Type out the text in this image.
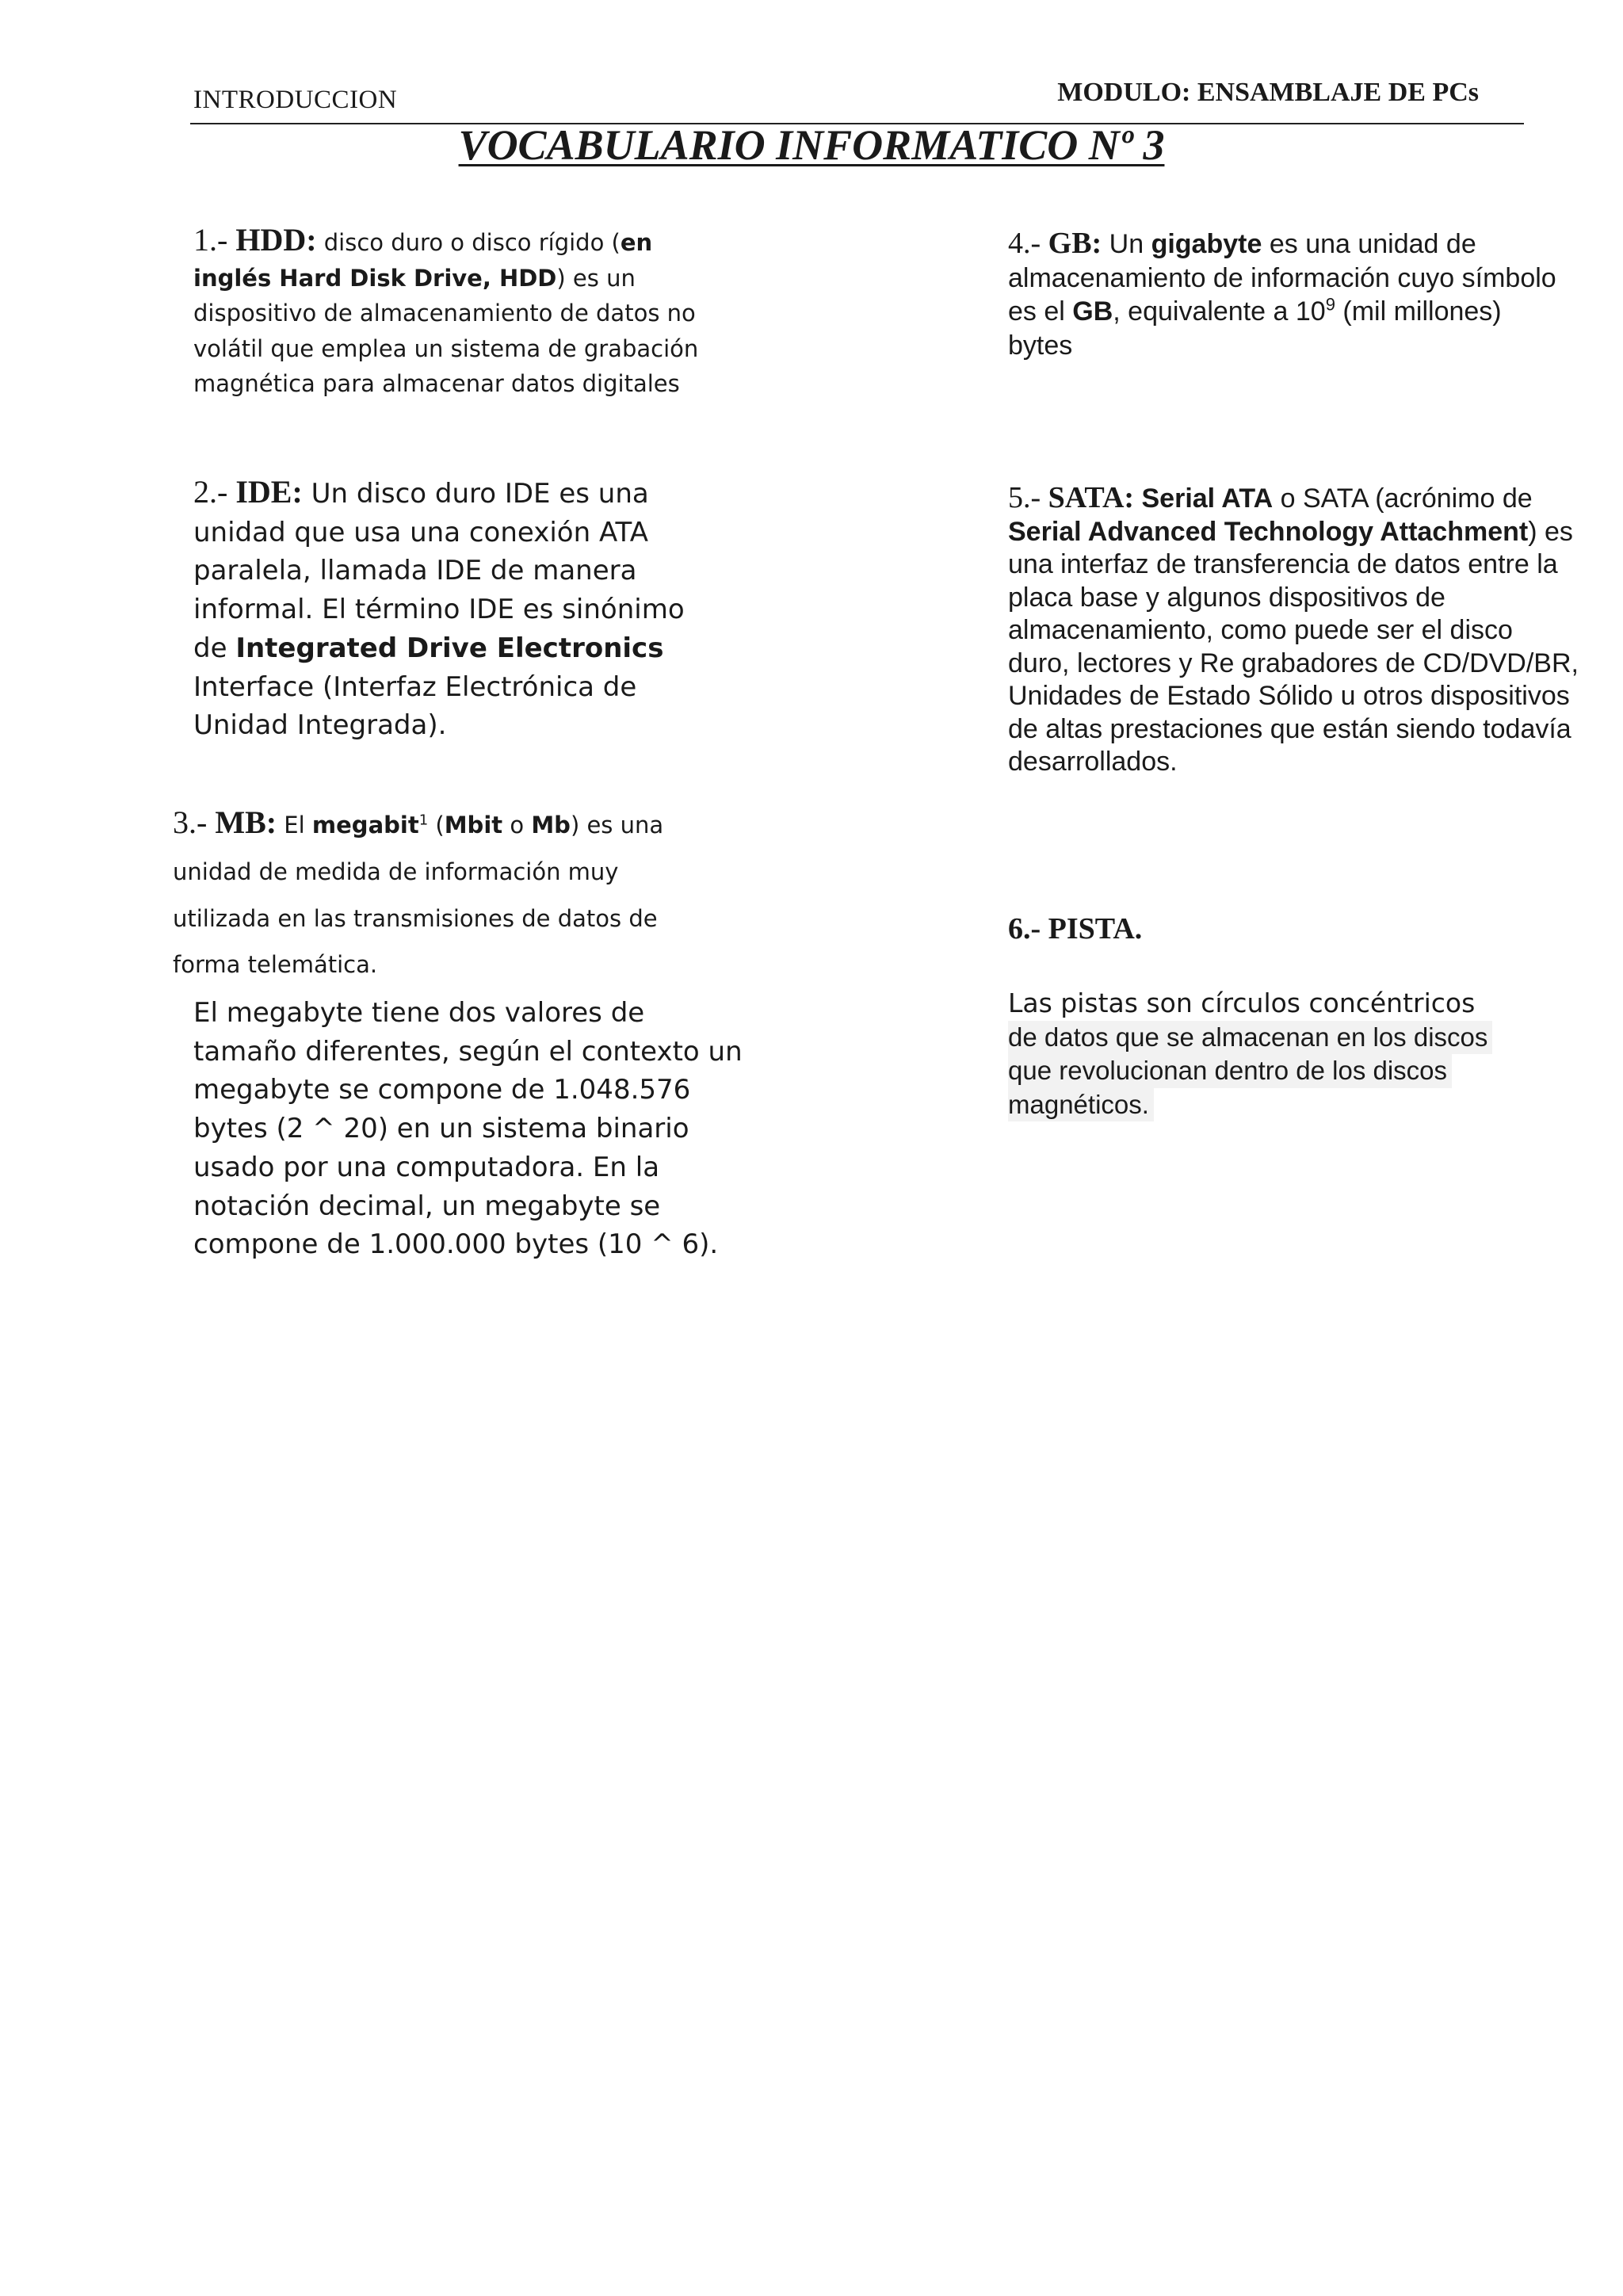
INTRODUCCION	MODULO: ENSAMBLAJE DE PCs
VOCABULARIO INFORMATICO Nº 3
1.- HDD: disco duro o disco rígido (en inglés Hard Disk Drive, HDD) es un dispositivo de almacenamiento de datos no volátil que emplea un sistema de grabación magnética para almacenar datos digitales
2.- IDE: Un disco duro IDE es una unidad que usa una conexión ATA paralela, llamada IDE de manera informal. El término IDE es sinónimo de Integrated Drive Electronics Interface (Interfaz Electrónica de Unidad Integrada).
3.- MB: El megabit$^1$ (Mbit o Mb) es una unidad de medida de información muy utilizada en las transmisiones de datos de forma telemática.
El megabyte tiene dos valores de tamaño diferentes, según el contexto un megabyte se compone de 1.048.576 bytes (2 ^ 20) en un sistema binario usado por una computadora. En la notación decimal, un megabyte se compone de 1.000.000 bytes (10 ^ 6).
4.- GB: Un gigabyte es una unidad de almacenamiento de información cuyo símbolo es el GB, equivalente a $10^9$ (mil millones) bytes
5.- SATA: Serial ATA o SATA (acrónimo de Serial Advanced Technology Attachment) es una interfaz de transferencia de datos entre la placa base y algunos dispositivos de almacenamiento, como puede ser el disco duro, lectores y Re grabadores de CD/DVD/BR, Unidades de Estado Sólido u otros dispositivos de altas prestaciones que están siendo todavía desarrollados.
6.- PISTA.
Las pistas son círculos concéntricos
de datos que se almacenan en los discos
que revolucionan dentro de los discos
magnéticos.
